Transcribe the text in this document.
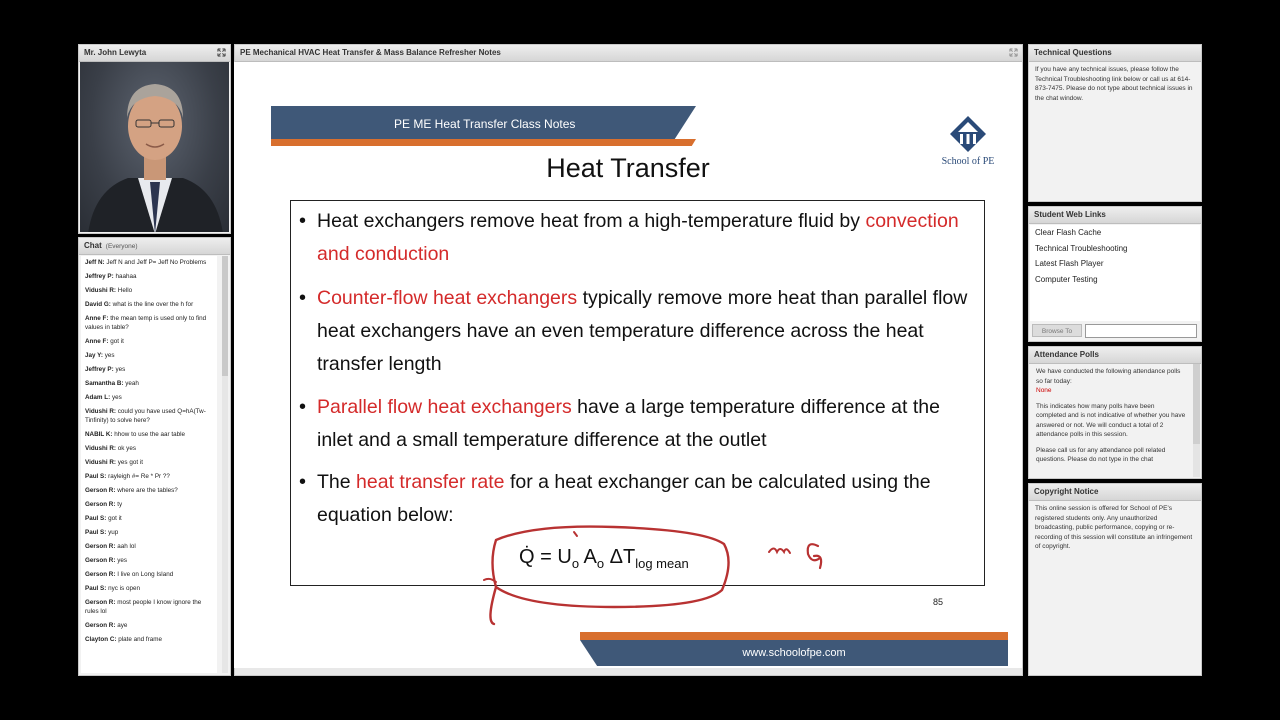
Mr. John Lewyta
Chat (Everyone)
Jeff N: Jeff N and Jeff P= Jeff No Problems
Jeffrey P: haahaa
Vidushi R: Hello
David G: what is the line over the h for
Anne F: the mean temp is used only to find values in table?
Anne F: got it
Jay Y: yes
Jeffrey P: yes
Samantha B: yeah
Adam L: yes
Vidushi R: could you have used Q=hA(Tw-Tinfinity) to solve here?
NABIL K: hhow to use the aar table
Vidushi R: ok yes
Vidushi R: yes got it
Paul S: rayleigh #= Re * Pr ??
Gerson R: where are the tables?
Gerson R: ty
Paul S: got it
Paul S: yup
Gerson R: aah lol
Gerson R: yes
Gerson R: I live on Long Island
Paul S: nyc is open
Gerson R: most people I know ignore the rules lol
Gerson R: aye
Clayton C: plate and frame
PE Mechanical HVAC Heat Transfer & Mass Balance Refresher Notes
PE ME Heat Transfer Class Notes
School of PE
Heat Transfer
• Heat exchangers remove heat from a high-temperature fluid by convection and conduction
• Counter-flow heat exchangers typically remove more heat than parallel flow heat exchangers have an even temperature difference across the heat transfer length
• Parallel flow heat exchangers have a large temperature difference at the inlet and a small temperature difference at the outlet
• The heat transfer rate for a heat exchanger can be calculated using the equation below:
Q̇ = $U_o$ $A_o$ $\Delta T_{log mean}$
85
www.schoolofpe.com
Technical Questions
If you have any technical issues, please follow the Technical Troubleshooting link below or call us at 614-873-7475. Please do not type about technical issues in the chat window.
Student Web Links
Clear Flash Cache
Technical Troubleshooting
Latest Flash Player
Computer Testing
Browse To
Attendance Polls
We have conducted the following attendance polls so far today:
None
This indicates how many polls have been completed and is not indicative of whether you have answered or not. We will conduct a total of 2 attendance polls in this session.
Please call us for any attendance poll related questions. Please do not type in the chat
Copyright Notice
This online session is offered for School of PE's registered students only. Any unauthorized broadcasting, public performance, copying or re-recording of this session will constitute an infringement of copyright.
